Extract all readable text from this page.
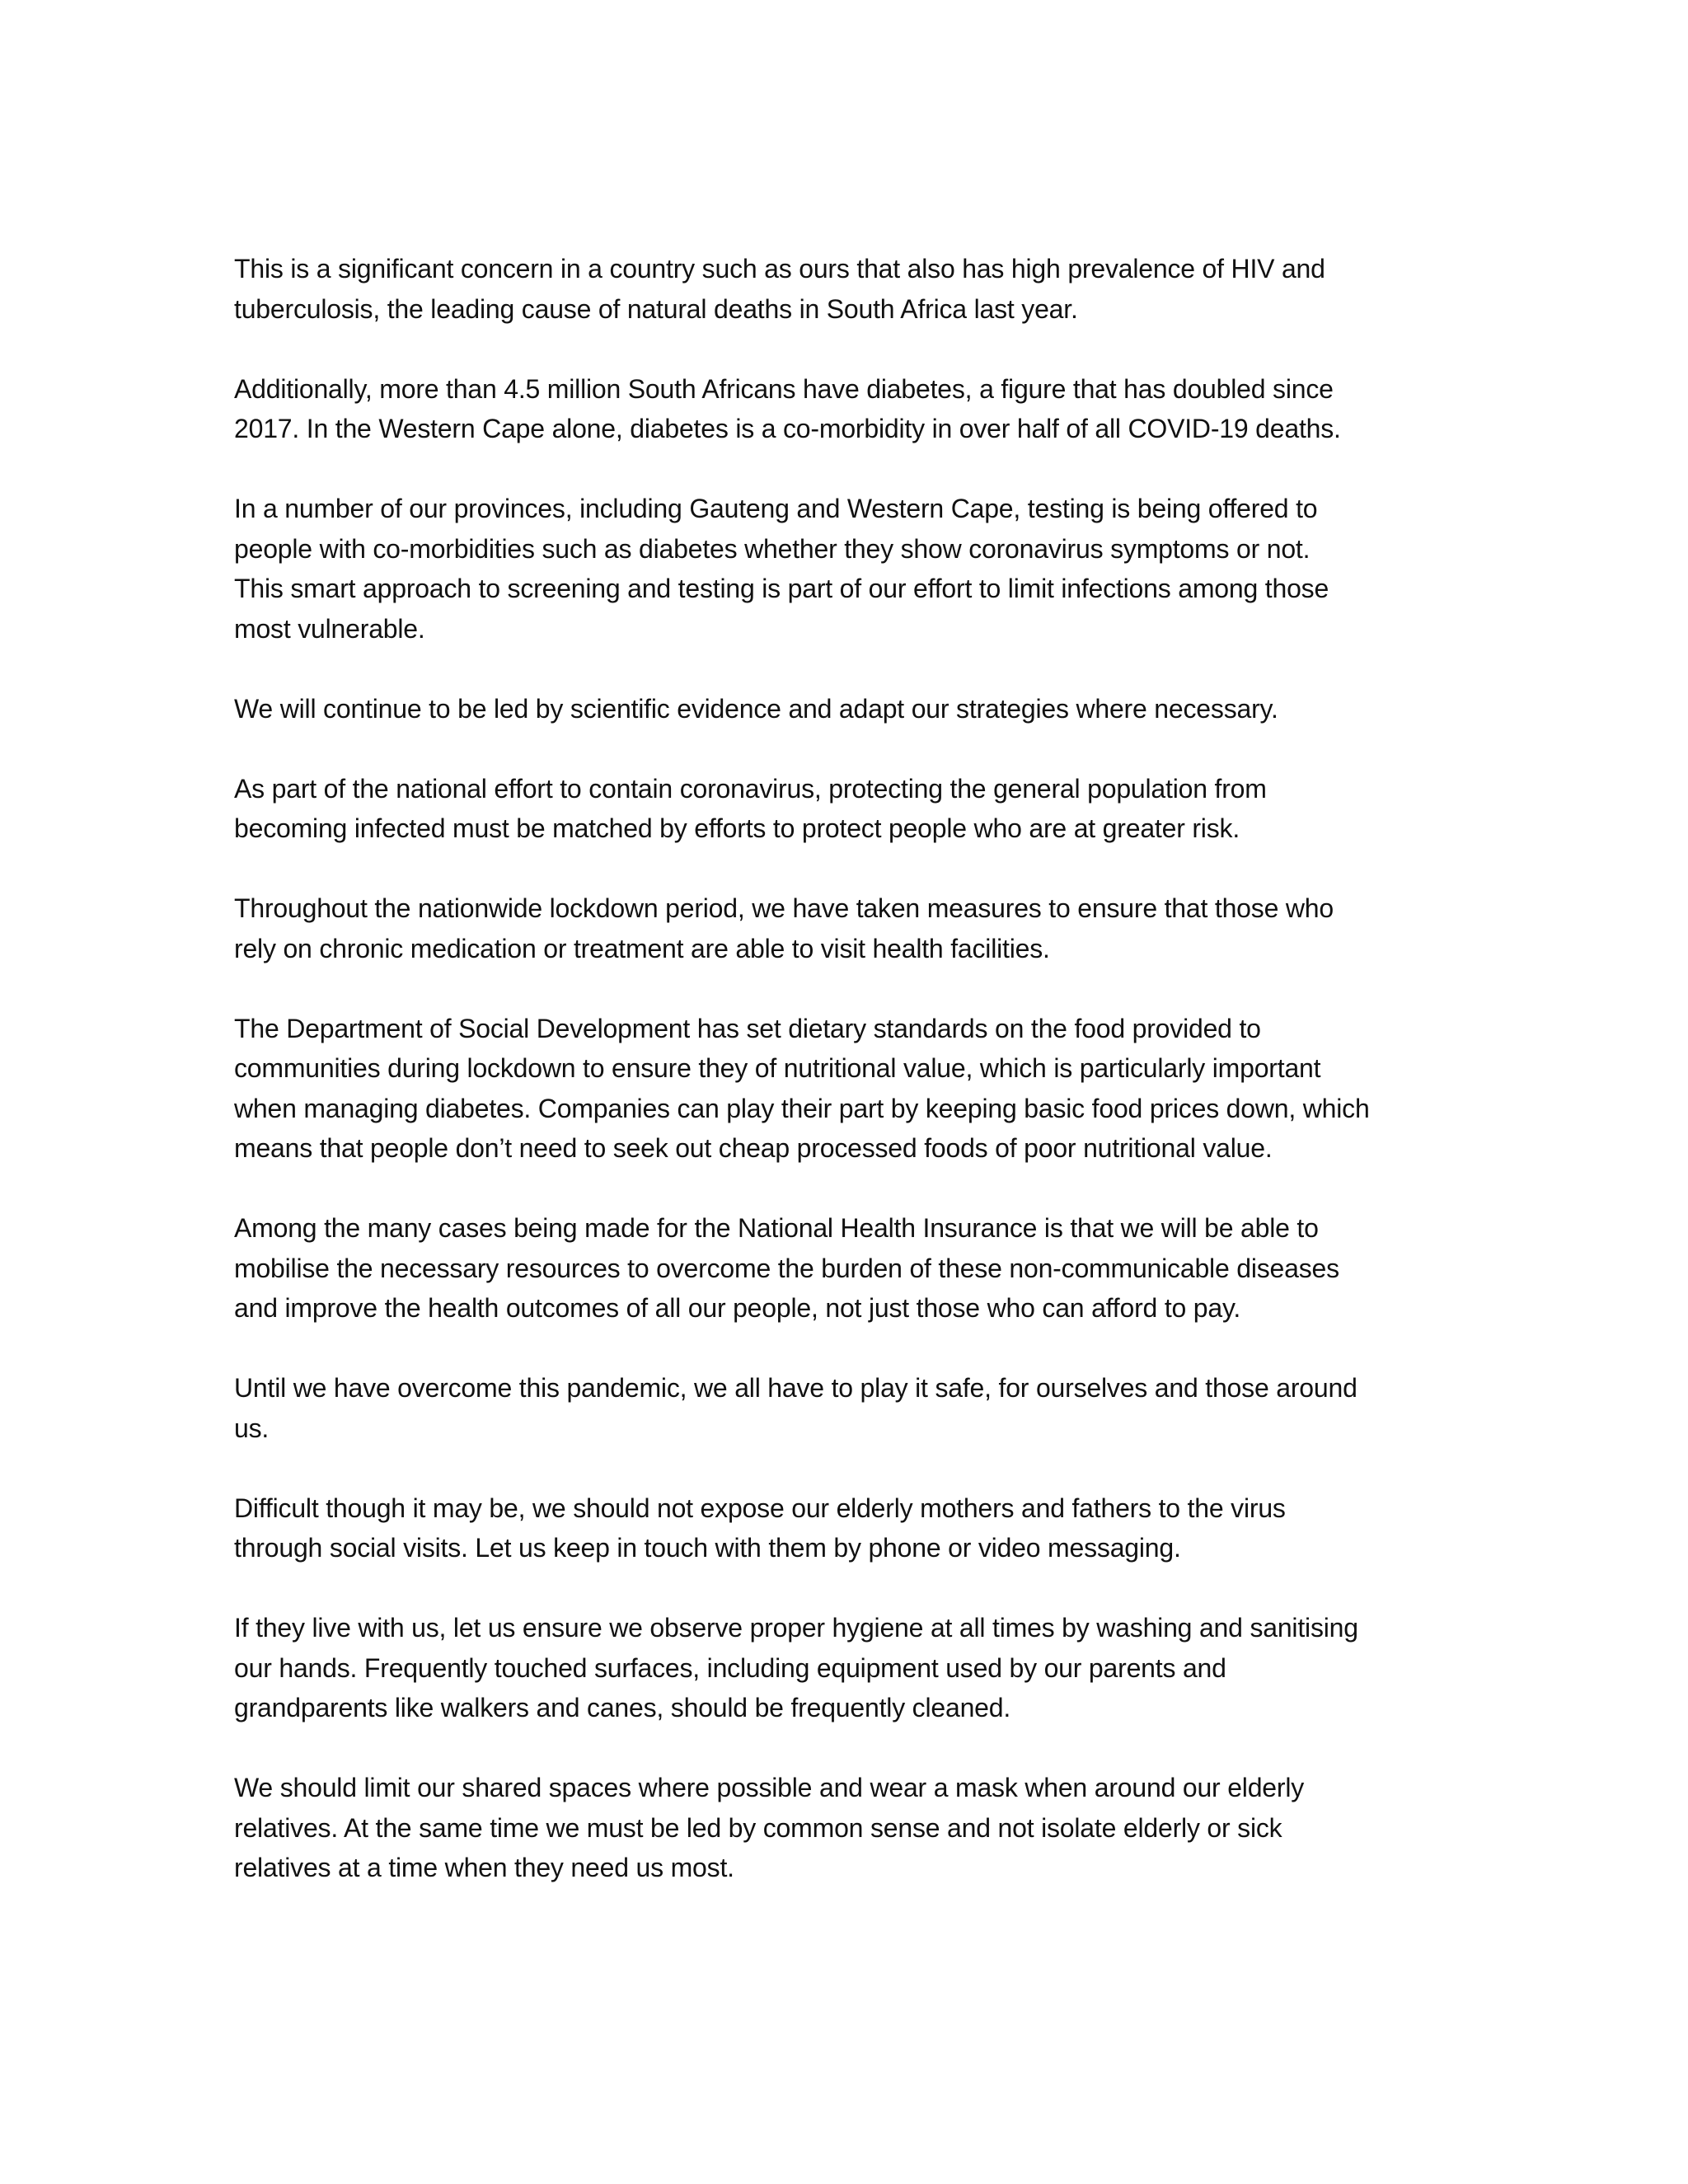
This is a significant concern in a country such as ours that also has high prevalence of HIV and
tuberculosis, the leading cause of natural deaths in South Africa last year.

Additionally, more than 4.5 million South Africans have diabetes, a figure that has doubled since
2017. In the Western Cape alone, diabetes is a co-morbidity in over half of all COVID-19 deaths.

In a number of our provinces, including Gauteng and Western Cape, testing is being offered to
people with co-morbidities such as diabetes whether they show coronavirus symptoms or not.
This smart approach to screening and testing is part of our effort to limit infections among those
most vulnerable.

We will continue to be led by scientific evidence and adapt our strategies where necessary.

As part of the national effort to contain coronavirus, protecting the general population from
becoming infected must be matched by efforts to protect people who are at greater risk.

Throughout the nationwide lockdown period, we have taken measures to ensure that those who
rely on chronic medication or treatment are able to visit health facilities.

The Department of Social Development has set dietary standards on the food provided to
communities during lockdown to ensure they of nutritional value, which is particularly important
when managing diabetes. Companies can play their part by keeping basic food prices down, which
means that people don’t need to seek out cheap processed foods of poor nutritional value.

Among the many cases being made for the National Health Insurance is that we will be able to
mobilise the necessary resources to overcome the burden of these non-communicable diseases
and improve the health outcomes of all our people, not just those who can afford to pay.

Until we have overcome this pandemic, we all have to play it safe, for ourselves and those around
us.

Difficult though it may be, we should not expose our elderly mothers and fathers to the virus
through social visits. Let us keep in touch with them by phone or video messaging.

If they live with us, let us ensure we observe proper hygiene at all times by washing and sanitising
our hands. Frequently touched surfaces, including equipment used by our parents and
grandparents like walkers and canes, should be frequently cleaned.

We should limit our shared spaces where possible and wear a mask when around our elderly
relatives. At the same time we must be led by common sense and not isolate elderly or sick
relatives at a time when they need us most.
